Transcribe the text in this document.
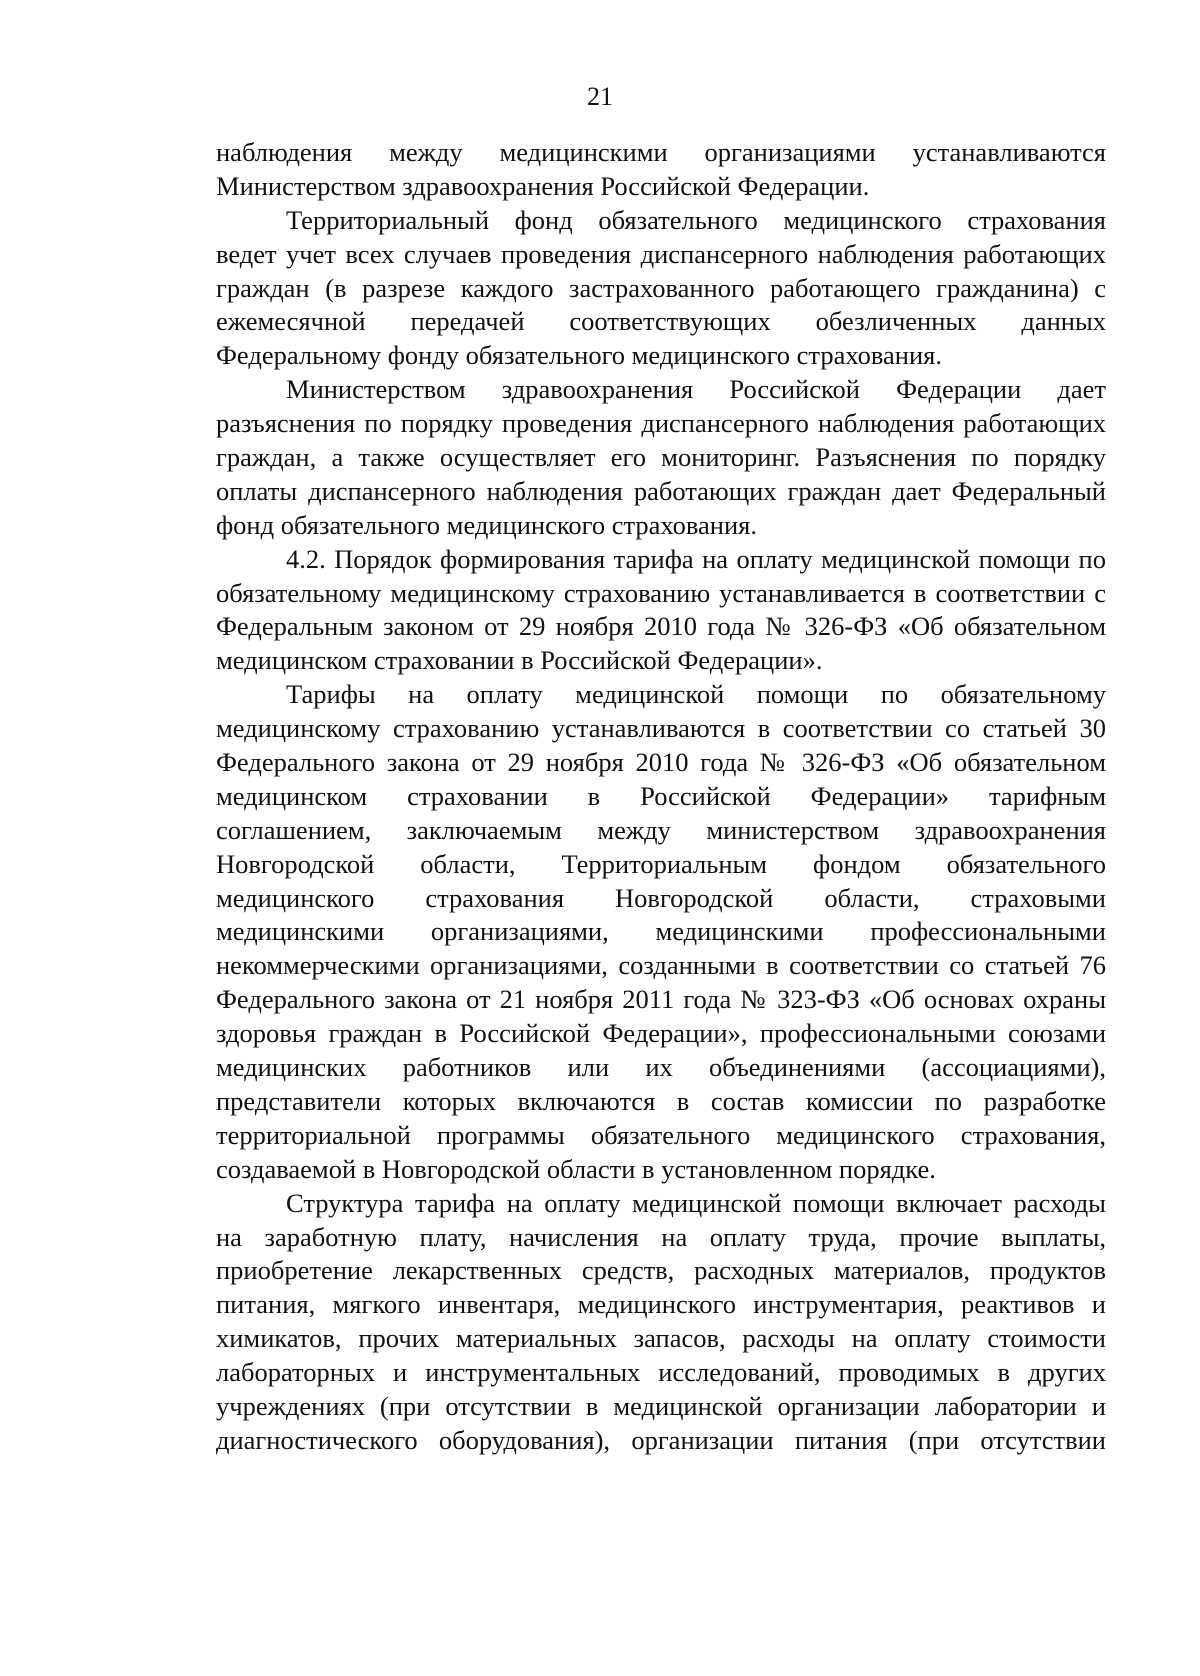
21
наблюдения между медицинскими организациями устанавливаются
Министерством здравоохранения Российской Федерации.
Территориальный фонд обязательного медицинского страхования
ведет учет всех случаев проведения диспансерного наблюдения работающих
граждан (в разрезе каждого застрахованного работающего гражданина) с
ежемесячной передачей соответствующих обезличенных данных
Федеральному фонду обязательного медицинского страхования.
Министерством здравоохранения Российской Федерации дает
разъяснения по порядку проведения диспансерного наблюдения работающих
граждан, а также осуществляет его мониторинг. Разъяснения по порядку
оплаты диспансерного наблюдения работающих граждан дает Федеральный
фонд обязательного медицинского страхования.
4.2. Порядок формирования тарифа на оплату медицинской помощи по
обязательному медицинскому страхованию устанавливается в соответствии с
Федеральным законом от 29 ноября 2010 года № 326-ФЗ «Об обязательном
медицинском страховании в Российской Федерации».
Тарифы на оплату медицинской помощи по обязательному
медицинскому страхованию устанавливаются в соответствии со статьей 30
Федерального закона от 29 ноября 2010 года № 326-ФЗ «Об обязательном
медицинском страховании в Российской Федерации» тарифным
соглашением, заключаемым между министерством здравоохранения
Новгородской области, Территориальным фондом обязательного
медицинского страхования Новгородской области, страховыми
медицинскими организациями, медицинскими профессиональными
некоммерческими организациями, созданными в соответствии со статьей 76
Федерального закона от 21 ноября 2011 года № 323-ФЗ «Об основах охраны
здоровья граждан в Российской Федерации», профессиональными союзами
медицинских работников или их объединениями (ассоциациями),
представители которых включаются в состав комиссии по разработке
территориальной программы обязательного медицинского страхования,
создаваемой в Новгородской области в установленном порядке.
Структура тарифа на оплату медицинской помощи включает расходы
на заработную плату, начисления на оплату труда, прочие выплаты,
приобретение лекарственных средств, расходных материалов, продуктов
питания, мягкого инвентаря, медицинского инструментария, реактивов и
химикатов, прочих материальных запасов, расходы на оплату стоимости
лабораторных и инструментальных исследований, проводимых в других
учреждениях (при отсутствии в медицинской организации лаборатории и
диагностического оборудования), организации питания (при отсутствии
